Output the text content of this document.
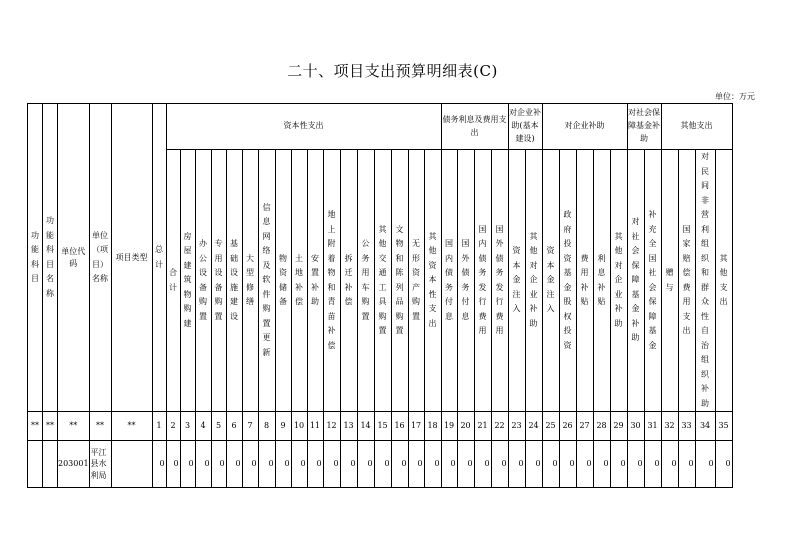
二十、项目支出预算明细表(C)
单位：万元
功能科目	功能科目名称	单位代码	单位（项目）名称	项目类型	总计	资本性支出																	债务利息及费用支出				对企业补助(基本建设)		对企业补助					对社会保障基金补助		其他支出			
						合计	房屋建筑物购建	办公设备购置	专用设备购置	基础设施建设	大型修缮	信息网络及软件购置更新	物资储备	土地补偿	安置补助	地上附着物和青苗补偿	拆迁补偿	公务用车购置	其他交通工具购置	文物和陈列品购置	无形资产购置	其他资本性支出	国内债务付息	国外债务付息	国内债务发行费用	国外债务发行费用	资本金注入	其他对企业补助	资本金注入	政府投资基金股权投资	费用补贴	利息补贴	其他对企业补助	对社会保障基金补助	补充全国社会保障基金	赠与	国家赔偿费用支出	对民间非营利组织和群众性自治组织补助	其他支出
**	**	**	**	**	1	2	3	4	5	6	7	8	9	10	11	12	13	14	15	16	17	18	19	20	21	22	23	24	25	26	27	28	29	30	31	32	33	34	35
		203001	平江县水利局		0	0	0	0	0	0	0	0	0	0	0	0	0	0	0	0	0	0	0	0	0	0	0	0	0	0	0	0	0	0	0	0	0	0	0
